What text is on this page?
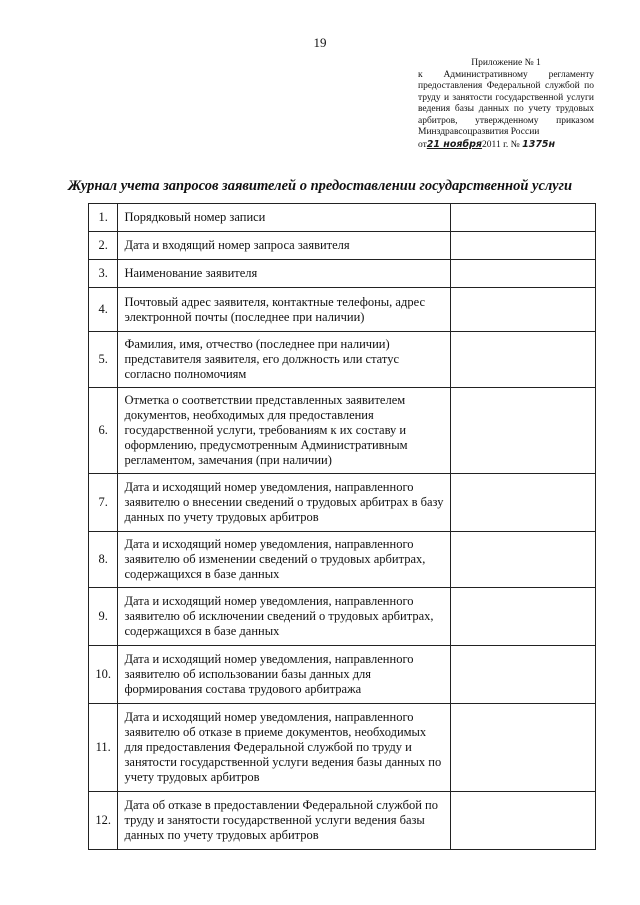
19
Приложение № 1
к Административному регламенту
предоставления Федеральной службой по
труду и занятости государственной услуги
ведения базы данных по учету трудовых
арбитров, утвержденному приказом
Минздравсоцразвития России
от21 ноября2011 г. № 1375н
Журнал учета запросов заявителей о предоставлении государственной услуги
1.	Порядковый номер записи	
2.	Дата и входящий номер запроса заявителя	
3.	Наименование заявителя	
4.	Почтовый адрес заявителя, контактные телефоны, адрес электронной почты (последнее при наличии)	
5.	Фамилия, имя, отчество (последнее при наличии) представителя заявителя, его должность или статус согласно полномочиям	
6.	Отметка о соответствии представленных заявителем документов, необходимых для предоставления государственной услуги, требованиям к их составу и оформлению, предусмотренным Административным регламентом, замечания (при наличии)	
7.	Дата и исходящий номер уведомления, направленного заявителю о внесении сведений о трудовых арбитрах в базу данных по учету трудовых арбитров	
8.	Дата и исходящий номер уведомления, направленного заявителю об изменении сведений о трудовых арбитрах, содержащихся в базе данных	
9.	Дата и исходящий номер уведомления, направленного заявителю об исключении сведений о трудовых арбитрах, содержащихся в базе данных	
10.	Дата и исходящий номер уведомления, направленного заявителю об использовании базы данных для формирования состава трудового арбитража	
11.	Дата и исходящий номер уведомления, направленного заявителю об отказе в приеме документов, необходимых для предоставления Федеральной службой по труду и занятости государственной услуги ведения базы данных по учету трудовых арбитров	
12.	Дата об отказе в предоставлении Федеральной службой по труду и занятости государственной услуги ведения базы данных по учету трудовых арбитров	
